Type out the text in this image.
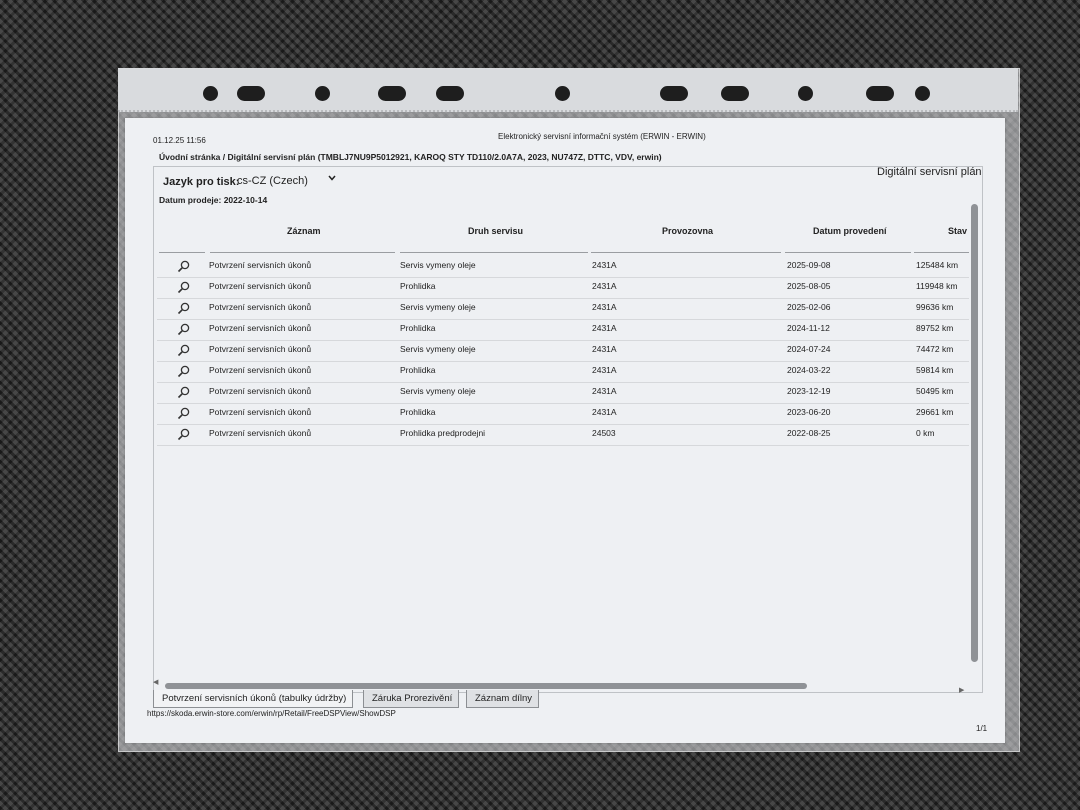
01.12.25 11:56	Elektronický servisní informační systém (ERWIN - ERWIN)
Úvodní stránka / Digitální servisní plán (TMBLJ7NU9P5012921, KAROQ STY TD110/2.0A7A, 2023, NU747Z, DTTC, VDV, erwin)
Jazyk pro tisk:
cs-CZ (Czech)
Digitální servisní plán
Datum prodeje: 2022-10-14
Záznam	Druh servisu	Provozovna	Datum provedení	Stav
Potvrzení servisních úkonů	Servis vymeny oleje	2431A	2025-09-08	125484 km
Potvrzení servisních úkonů	Prohlidka	2431A	2025-08-05	119948 km
Potvrzení servisních úkonů	Servis vymeny oleje	2431A	2025-02-06	99636 km
Potvrzení servisních úkonů	Prohlidka	2431A	2024-11-12	89752 km
Potvrzení servisních úkonů	Servis vymeny oleje	2431A	2024-07-24	74472 km
Potvrzení servisních úkonů	Prohlidka	2431A	2024-03-22	59814 km
Potvrzení servisních úkonů	Servis vymeny oleje	2431A	2023-12-19	50495 km
Potvrzení servisních úkonů	Prohlidka	2431A	2023-06-20	29661 km
Potvrzení servisních úkonů	Prohlidka predprodejni	24503	2022-08-25	0 km
◀
▶
Potvrzení servisních úkonů (tabulky údržby)	Záruka Prorezivění	Záznam dílny
https://skoda.erwin-store.com/erwin/rp/Retail/FreeDSPView/ShowDSP
1/1
